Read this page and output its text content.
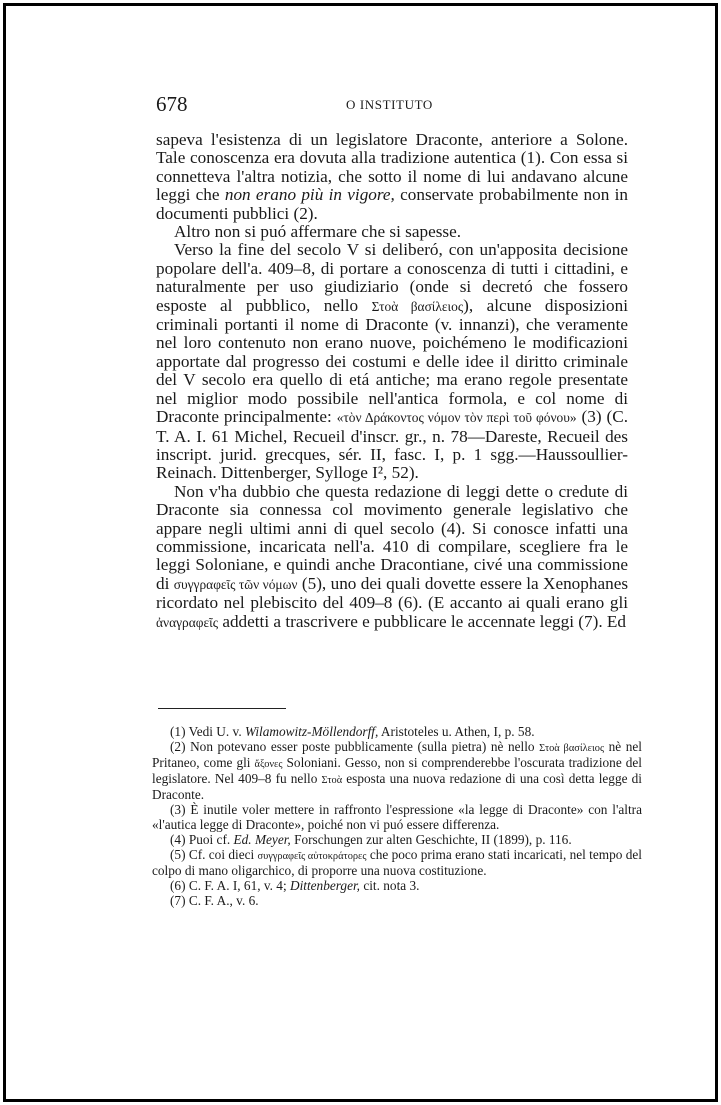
678	O INSTITUTO

sapeva l'esistenza di un legislatore Draconte, anteriore a Solone. Tale conoscenza era dovuta alla tradizione autentica (1). Con essa si connetteva l'altra notizia, che sotto il nome di lui andavano alcune leggi che non erano più in vigore, conservate probabilmente non in documenti pubblici (2).

Altro non si puó affermare che si sapesse.

Verso la fine del secolo V si deliberó, con un'apposita decisione popolare dell'a. 409–8, di portare a conoscenza di tutti i cittadini, e naturalmente per uso giudiziario (onde si decretó che fossero esposte al pubblico, nello Στοὰ βασίλειος), alcune disposizioni criminali portanti il nome di Draconte (v. innanzi), che veramente nel loro contenuto non erano nuove, poichémeno le modificazioni apportate dal progresso dei costumi e delle idee il diritto criminale del V secolo era quello di etá antiche; ma erano regole presentate nel miglior modo possibile nell'antica formola, e col nome di Draconte principalmente: «τὸν Δράκοντος νόμον τὸν περὶ τοῦ φόνου» (3) (C. T. A. I. 61 Michel, Recueil d'inscr. gr., n. 78—Dareste, Recueil des inscript. jurid. grecques, sér. II, fasc. I, p. 1 sgg.—Haussoullier-Reinach. Dittenberger, Sylloge I², 52).

Non v'ha dubbio che questa redazione di leggi dette o credute di Draconte sia connessa col movimento generale legislativo che appare negli ultimi anni di quel secolo (4). Si conosce infatti una commissione, incaricata nell'a. 410 di compilare, scegliere fra le leggi Soloniane, e quindi anche Dracontiane, civé una commissione di συγγραφεῖς τῶν νόμων (5), uno dei quali dovette essere la Xenophanes ricordato nel plebiscito del 409–8 (6). (E accanto ai quali erano gli ἀναγραφεῖς addetti a trascrivere e pubblicare le accennate leggi (7). Ed

(1) Vedi U. v. Wilamowitz-Möllendorff, Aristoteles u. Athen, I, p. 58.

(2) Non potevano esser poste pubblicamente (sulla pietra) nè nello Στοὰ βασίλειος nè nel Pritaneo, come gli ἄξονες Soloniani. Gesso, non si comprenderebbe l'oscurata tradizione del legislatore. Nel 409–8 fu nello Στοὰ esposta una nuova redazione di una così detta legge di Draconte.

(3) È inutile voler mettere in raffronto l'espressione «la legge di Draconte» con l'altra «l'autica legge di Draconte», poiché non vi puó essere differenza.

(4) Puoi cf. Ed. Meyer, Forschungen zur alten Geschichte, II (1899), p. 116.

(5) Cf. coi dieci συγγραφεῖς αὐτοκράτορες che poco prima erano stati incaricati, nel tempo del colpo di mano oligarchico, di proporre una nuova costituzione.

(6) C. F. A. I, 61, v. 4; Dittenberger, cit. nota 3.

(7) C. F. A., v. 6.
